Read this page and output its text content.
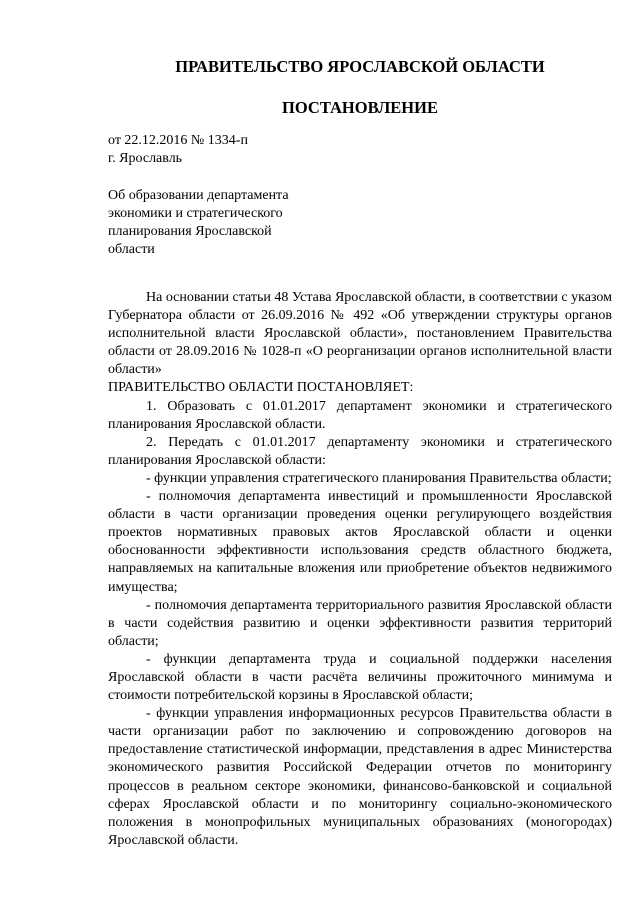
ПРАВИТЕЛЬСТВО ЯРОСЛАВСКОЙ ОБЛАСТИ
ПОСТАНОВЛЕНИЕ
от 22.12.2016 № 1334-п
г. Ярославль
Об образовании департамента
экономики и стратегического
планирования Ярославской
области

На основании статьи 48 Устава Ярославской области, в соответствии с указом Губернатора области от 26.09.2016 № 492 «Об утверждении структуры органов исполнительной власти Ярославской области», постановлением Правительства области от 28.09.2016 № 1028-п «О реорганизации органов исполнительной власти области»

ПРАВИТЕЛЬСТВО ОБЛАСТИ ПОСТАНОВЛЯЕТ:

1. Образовать с 01.01.2017 департамент экономики и стратегического планирования Ярославской области.

2. Передать с 01.01.2017 департаменту экономики и стратегического планирования Ярославской области:

- функции управления стратегического планирования Правительства области;

- полномочия департамента инвестиций и промышленности Ярославской области в части организации проведения оценки регулирующего воздействия проектов нормативных правовых актов Ярославской области и оценки обоснованности эффективности использования средств областного бюджета, направляемых на капитальные вложения или приобретение объектов недвижимого имущества;

- полномочия департамента территориального развития Ярославской области в части содействия развитию и оценки эффективности развития территорий области;

- функции департамента труда и социальной поддержки населения Ярославской области в части расчёта величины прожиточного минимума и стоимости потребительской корзины в Ярославской области;

- функции управления информационных ресурсов Правительства области в части организации работ по заключению и сопровождению договоров на предоставление статистической информации, представления в адрес Министерства экономического развития Российской Федерации отчетов по мониторингу процессов в реальном секторе экономики, финансово-банковской и социальной сферах Ярославской области и по мониторингу социально-экономического положения в монопрофильных муниципальных образованиях (моногородах) Ярославской области.
